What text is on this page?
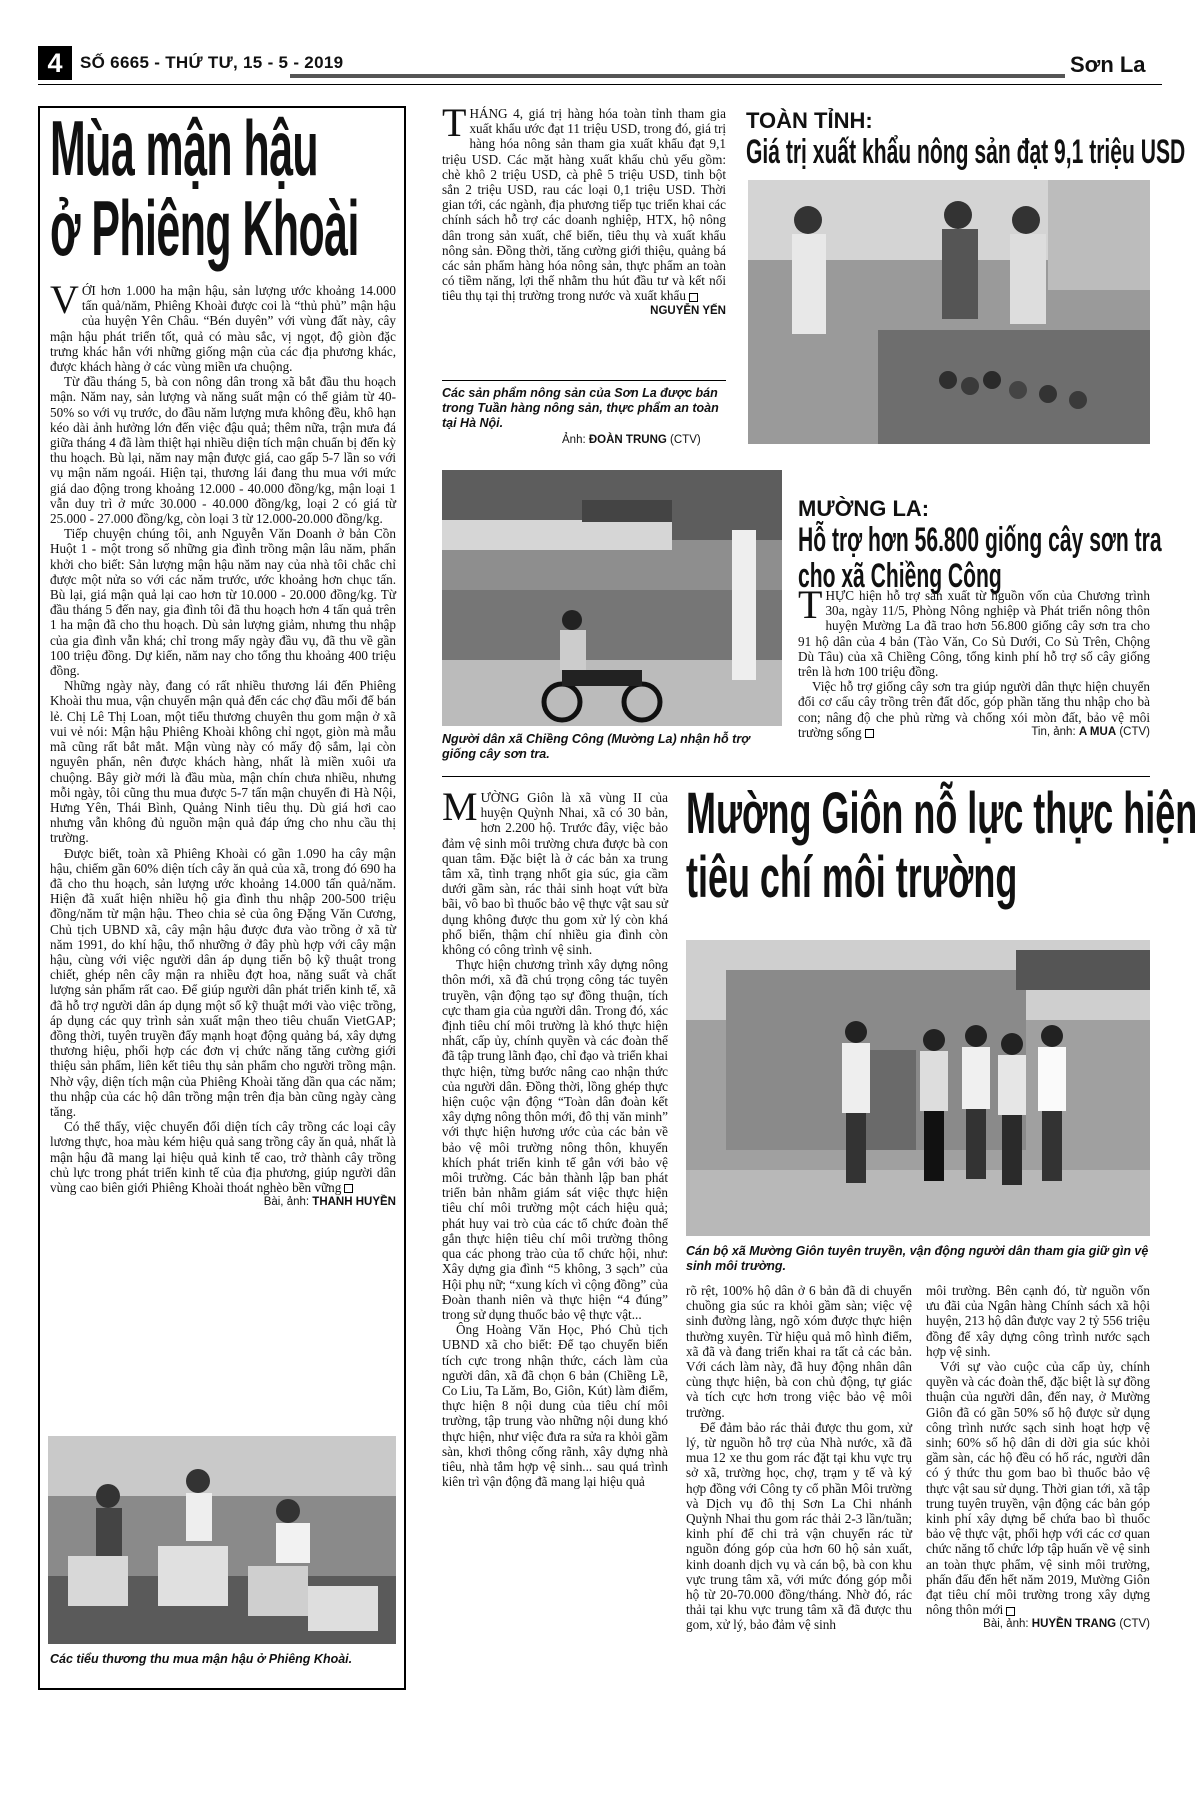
4	SỐ 6665 - THỨ TƯ, 15 - 5 - 2019	Sơn La
Mùa mận hậu
ở Phiêng Khoài

VỚI hơn 1.000 ha mận hậu, sản lượng ước khoảng 14.000 tấn quả/năm, Phiêng Khoài được coi là “thủ phủ” mận hậu của huyện Yên Châu. “Bén duyên” với vùng đất này, cây mận hậu phát triển tốt, quả có màu sắc, vị ngọt, độ giòn đặc trưng khác hẳn với những giống mận của các địa phương khác, được khách hàng ở các vùng miền ưa chuộng.

Từ đầu tháng 5, bà con nông dân trong xã bắt đầu thu hoạch mận. Năm nay, sản lượng và năng suất mận có thể giảm từ 40-50% so với vụ trước, do đầu năm lượng mưa không đều, khô hạn kéo dài ảnh hưởng lớn đến việc đậu quả; thêm nữa, trận mưa đá giữa tháng 4 đã làm thiệt hại nhiều diện tích mận chuẩn bị đến kỳ thu hoạch. Bù lại, năm nay mận được giá, cao gấp 5-7 lần so với vụ mận năm ngoái. Hiện tại, thương lái đang thu mua với mức giá dao động trong khoảng 12.000 - 40.000 đồng/kg, mận loại 1 vẫn duy trì ở mức 30.000 - 40.000 đồng/kg, loại 2 có giá từ 25.000 - 27.000 đồng/kg, còn loại 3 từ 12.000-20.000 đồng/kg.

Tiếp chuyện chúng tôi, anh Nguyễn Văn Doanh ở bản Cồn Huột 1 - một trong số những gia đình trồng mận lâu năm, phấn khởi cho biết: Sản lượng mận hậu năm nay của nhà tôi chắc chỉ được một nửa so với các năm trước, ước khoảng hơn chục tấn. Bù lại, giá mận quả lại cao hơn từ 10.000 - 20.000 đồng/kg. Từ đầu tháng 5 đến nay, gia đình tôi đã thu hoạch hơn 4 tấn quả trên 1 ha mận đã cho thu hoạch. Dù sản lượng giảm, nhưng thu nhập của gia đình vẫn khá; chỉ trong mấy ngày đầu vụ, đã thu về gần 100 triệu đồng. Dự kiến, năm nay cho tổng thu khoảng 400 triệu đồng.

Những ngày này, đang có rất nhiều thương lái đến Phiêng Khoài thu mua, vận chuyển mận quả đến các chợ đầu mối để bán lẻ. Chị Lê Thị Loan, một tiểu thương chuyên thu gom mận ở xã vui vẻ nói: Mận hậu Phiêng Khoài không chỉ ngọt, giòn mà mẫu mã cũng rất bắt mắt. Mận vùng này có mấy độ sắm, lại còn nguyên phấn, nên được khách hàng, nhất là miền xuôi ưa chuộng. Bây giờ mới là đầu mùa, mận chín chưa nhiều, nhưng mỗi ngày, tôi cũng thu mua được 5-7 tấn mận chuyển đi Hà Nội, Hưng Yên, Thái Bình, Quảng Ninh tiêu thụ. Dù giá hơi cao nhưng vẫn không đủ nguồn mận quả đáp ứng cho nhu cầu thị trường.

Được biết, toàn xã Phiêng Khoài có gần 1.090 ha cây mận hậu, chiếm gần 60% diện tích cây ăn quả của xã, trong đó 690 ha đã cho thu hoạch, sản lượng ước khoảng 14.000 tấn quả/năm. Hiện đã xuất hiện nhiều hộ gia đình thu nhập 200-500 triệu đồng/năm từ mận hậu. Theo chia sẻ của ông Đặng Văn Cương, Chủ tịch UBND xã, cây mận hậu được đưa vào trồng ở xã từ năm 1991, do khí hậu, thổ nhưỡng ở đây phù hợp với cây mận hậu, cùng với việc người dân áp dụng tiến bộ kỹ thuật trong chiết, ghép nên cây mận ra nhiều đợt hoa, năng suất và chất lượng sản phẩm rất cao. Để giúp người dân phát triển kinh tế, xã đã hỗ trợ người dân áp dụng một số kỹ thuật mới vào việc trồng, áp dụng các quy trình sản xuất mận theo tiêu chuẩn VietGAP; đồng thời, tuyên truyền đẩy mạnh hoạt động quảng bá, xây dựng thương hiệu, phối hợp các đơn vị chức năng tăng cường giới thiệu sản phẩm, liên kết tiêu thụ sản phẩm cho người trồng mận. Nhờ vậy, diện tích mận của Phiêng Khoài tăng dần qua các năm; thu nhập của các hộ dân trồng mận trên địa bàn cũng ngày càng tăng.

Có thể thấy, việc chuyển đổi diện tích cây trồng các loại cây lương thực, hoa màu kém hiệu quả sang trồng cây ăn quả, nhất là mận hậu đã mang lại hiệu quả kinh tế cao, trở thành cây trồng chủ lực trong phát triển kinh tế của địa phương, giúp người dân vùng cao biên giới Phiêng Khoài thoát nghèo bền vững
Bài, ảnh: THANH HUYỀN

Các tiểu thương thu mua mận hậu ở Phiêng Khoài.

THÁNG 4, giá trị hàng hóa toàn tỉnh tham gia xuất khẩu ước đạt 11 triệu USD, trong đó, giá trị hàng hóa nông sản tham gia xuất khẩu đạt 9,1 triệu USD. Các mặt hàng xuất khẩu chủ yếu gồm: chè khô 2 triệu USD, cà phê 5 triệu USD, tinh bột sắn 2 triệu USD, rau các loại 0,1 triệu USD. Thời gian tới, các ngành, địa phương tiếp tục triển khai các chính sách hỗ trợ các doanh nghiệp, HTX, hộ nông dân trong sản xuất, chế biến, tiêu thụ và xuất khẩu nông sản. Đồng thời, tăng cường giới thiệu, quảng bá các sản phẩm hàng hóa nông sản, thực phẩm an toàn có tiềm năng, lợi thế nhằm thu hút đầu tư và kết nối tiêu thụ tại thị trường trong nước và xuất khẩu
NGUYỄN YẾN

Các sản phẩm nông sản của Sơn La được bán trong Tuần hàng nông sản, thực phẩm an toàn tại Hà Nội.
Ảnh: ĐOÀN TRUNG (CTV)
TOÀN TỈNH:
Giá trị xuất khẩu nông sản đạt 9,1 triệu USD
Người dân xã Chiềng Công (Mường La) nhận hỗ trợ giống cây sơn tra.
MƯỜNG LA:
Hỗ trợ hơn 56.800 giống cây sơn tra
cho xã Chiềng Công

THỰC hiện hỗ trợ sản xuất từ nguồn vốn của Chương trình 30a, ngày 11/5, Phòng Nông nghiệp và Phát triển nông thôn huyện Mường La đã trao hơn 56.800 giống cây sơn tra cho 91 hộ dân của 4 bản (Tào Văn, Co Sủ Dưới, Co Sủ Trên, Chộng Dù Tâu) của xã Chiềng Công, tổng kinh phí hỗ trợ số cây giống trên là hơn 100 triệu đồng.

Việc hỗ trợ giống cây sơn tra giúp người dân thực hiện chuyển đổi cơ cấu cây trồng trên đất dốc, góp phần tăng thu nhập cho bà con; nâng độ che phủ rừng và chống xói mòn đất, bảo vệ môi trường sống	Tin, ảnh: A MUA (CTV)

MƯỜNG Giôn là xã vùng II của huyện Quỳnh Nhai, xã có 30 bản, hơn 2.200 hộ. Trước đây, việc bảo đảm vệ sinh môi trường chưa được bà con quan tâm. Đặc biệt là ở các bản xa trung tâm xã, tình trạng nhốt gia súc, gia cầm dưới gầm sàn, rác thải sinh hoạt vứt bừa bãi, vô bao bì thuốc bảo vệ thực vật sau sử dụng không được thu gom xử lý còn khá phổ biến, thậm chí nhiều gia đình còn không có công trình vệ sinh.

Thực hiện chương trình xây dựng nông thôn mới, xã đã chú trọng công tác tuyên truyền, vận động tạo sự đồng thuận, tích cực tham gia của người dân. Trong đó, xác định tiêu chí môi trường là khó thực hiện nhất, cấp ủy, chính quyền và các đoàn thể đã tập trung lãnh đạo, chỉ đạo và triển khai thực hiện, từng bước nâng cao nhận thức của người dân. Đồng thời, lồng ghép thực hiện cuộc vận động “Toàn dân đoàn kết xây dựng nông thôn mới, đô thị văn minh” với thực hiện hương ước của các bản về bảo vệ môi trường nông thôn, khuyến khích phát triển kinh tế gắn với bảo vệ môi trường. Các bản thành lập ban phát triển bản nhằm giám sát việc thực hiện tiêu chí môi trường một cách hiệu quả; phát huy vai trò của các tổ chức đoàn thể gắn thực hiện tiêu chí môi trường thông qua các phong trào của tổ chức hội, như: Xây dựng gia đình “5 không, 3 sạch” của Hội phụ nữ; “xung kích vì cộng đồng” của Đoàn thanh niên và thực hiện “4 đúng” trong sử dụng thuốc bảo vệ thực vật...

Ông Hoàng Văn Học, Phó Chủ tịch UBND xã cho biết: Để tạo chuyển biến tích cực trong nhận thức, cách làm của người dân, xã đã chọn 6 bản (Chiềng Lề, Co Liu, Ta Lăm, Bo, Giôn, Kút) làm điểm, thực hiện 8 nội dung của tiêu chí môi trường, tập trung vào những nội dung khó thực hiện, như việc đưa ra sửa ra khỏi gầm sàn, khơi thông cống rãnh, xây dựng nhà tiêu, nhà tắm hợp vệ sinh... sau quá trình kiên trì vận động đã mang lại hiệu quả

Mường Giôn nỗ lực thực hiện
tiêu chí môi trường
Cán bộ xã Mường Giôn tuyên truyền, vận động người dân tham gia giữ gìn vệ sinh môi trường.

rõ rệt, 100% hộ dân ở 6 bản đã di chuyển chuồng gia súc ra khỏi gầm sàn; việc vệ sinh đường làng, ngõ xóm được thực hiện thường xuyên. Từ hiệu quả mô hình điểm, xã đã và đang triển khai ra tất cả các bản. Với cách làm này, đã huy động nhân dân cùng thực hiện, bà con chủ động, tự giác và tích cực hơn trong việc bảo vệ môi trường.

Để đảm bảo rác thải được thu gom, xử lý, từ nguồn hỗ trợ của Nhà nước, xã đã mua 12 xe thu gom rác đặt tại khu vực trụ sở xã, trường học, chợ, trạm y tế và ký hợp đồng với Công ty cổ phần Môi trường và Dịch vụ đô thị Sơn La Chi nhánh Quỳnh Nhai thu gom rác thải 2-3 lần/tuần; kinh phí để chi trả vận chuyển rác từ nguồn đóng góp của hơn 60 hộ sản xuất, kinh doanh dịch vụ và cán bộ, bà con khu vực trung tâm xã, với mức đóng góp mỗi hộ từ 20-70.000 đồng/tháng. Nhờ đó, rác thải tại khu vực trung tâm xã đã được thu gom, xử lý, bảo đảm vệ sinh

môi trường. Bên cạnh đó, từ nguồn vốn ưu đãi của Ngân hàng Chính sách xã hội huyện, 213 hộ dân được vay 2 tỷ 556 triệu đồng để xây dựng công trình nước sạch hợp vệ sinh.

Với sự vào cuộc của cấp ủy, chính quyền và các đoàn thể, đặc biệt là sự đồng thuận của người dân, đến nay, ở Mường Giôn đã có gần 50% số hộ được sử dụng công trình nước sạch sinh hoạt hợp vệ sinh; 60% số hộ dân di dời gia súc khỏi gầm sàn, các hộ đều có hố rác, người dân có ý thức thu gom bao bì thuốc bảo vệ thực vật sau sử dụng. Thời gian tới, xã tập trung tuyên truyền, vận động các bản góp kinh phí xây dựng bể chứa bao bì thuốc bảo vệ thực vật, phối hợp với các cơ quan chức năng tổ chức lớp tập huấn về vệ sinh an toàn thực phẩm, vệ sinh môi trường, phấn đấu đến hết năm 2019, Mường Giôn đạt tiêu chí môi trường trong xây dựng nông thôn mới

Bài, ảnh: HUYỀN TRANG (CTV)
